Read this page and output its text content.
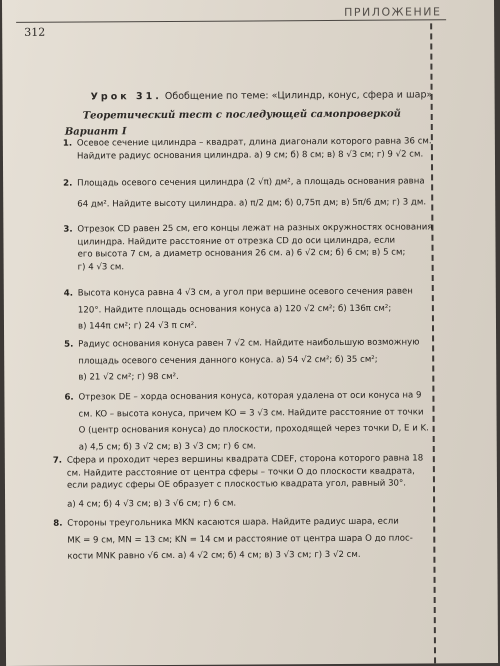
ПРИЛОЖЕНИЕ
312
Урок 31. Обобщение по теме: «Цилиндр, конус, сфера и шар»
Теоретический тест с последующей самопроверкой
Вариант I
1. Осевое сечение цилиндра – квадрат, длина диагонали которого равна 36 см.
Найдите радиус основания цилиндра. а) 9 см; б) 8 см; в) 8 √3 см; г) 9 √2 см.
2. Площадь осевого сечения цилиндра (2 √π) дм², а площадь основания равна
64 дм². Найдите высоту цилиндра. а) π/2 дм; б) 0,75π дм; в) 5π/6 дм; г) 3 дм.
3. Отрезок CD равен 25 см, его концы лежат на разных окружностях основания
цилиндра. Найдите расстояние от отрезка CD до оси цилиндра, если
его высота 7 см, а диаметр основания 26 см. а) 6 √2 см; б) 6 см; в) 5 см;
г) 4 √3 см.
4. Высота конуса равна 4 √3 см, а угол при вершине осевого сечения равен
120°. Найдите площадь основания конуса а) 120 √2 см²; б) 136π см²;
в) 144π см²; г) 24 √3 π см².
5. Радиус основания конуса равен 7 √2 см. Найдите наибольшую возможную
площадь осевого сечения данного конуса. а) 54 √2 см²; б) 35 см²;
в) 21 √2 см²; г) 98 см².
6. Отрезок DE – хорда основания конуса, которая удалена от оси конуса на 9
см. KO – высота конуса, причем KO = 3 √3 см. Найдите расстояние от точки
O (центр основания конуса) до плоскости, проходящей через точки D, E и K.
а) 4,5 см; б) 3 √2 см; в) 3 √3 см; г) 6 см.
7. Сфера и проходит через вершины квадрата CDEF, сторона которого равна 18
см. Найдите расстояние от центра сферы – точки O до плоскости квадрата,
если радиус сферы OE образует с плоскостью квадрата угол, равный 30°.
а) 4 см; б) 4 √3 см; в) 3 √6 см; г) 6 см.
8. Стороны треугольника MKN касаются шара. Найдите радиус шара, если
MK = 9 см, MN = 13 см; KN = 14 см и расстояние от центра шара O до плос-
кости MNK равно √6 см. а) 4 √2 см; б) 4 см; в) 3 √3 см; г) 3 √2 см.
